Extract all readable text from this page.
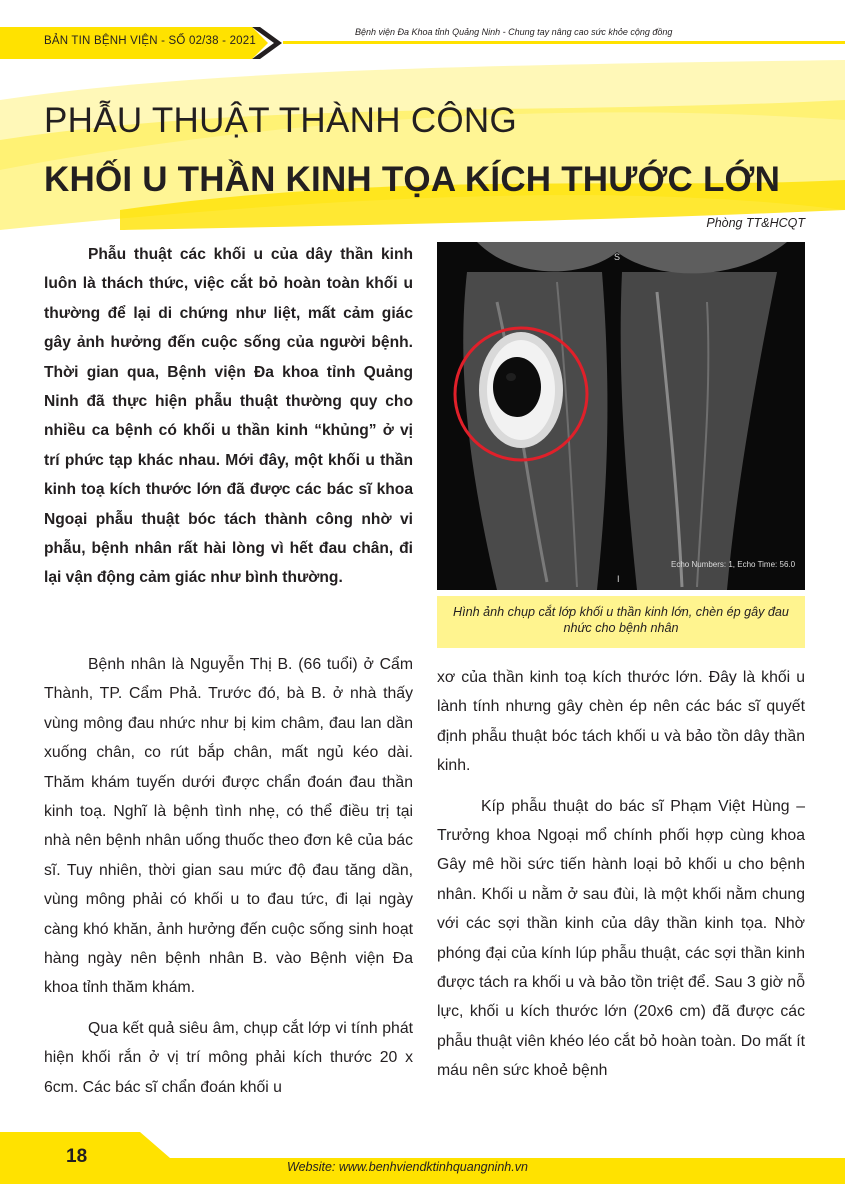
BẢN TIN BỆNH VIỆN - SỐ 02/38 - 2021
Bệnh viện Đa Khoa tỉnh Quảng Ninh - Chung tay nâng cao sức khỏe cộng đồng
PHẪU THUẬT THÀNH CÔNG
KHỐI U THẦN KINH TỌA KÍCH THƯỚC LỚN
Phòng TT&HCQT

Phẫu thuật các khối u của dây thần kinh luôn là thách thức, việc cắt bỏ hoàn toàn khối u thường để lại di chứng như liệt, mất cảm giác gây ảnh hưởng đến cuộc sống của người bệnh. Thời gian qua, Bệnh viện Đa khoa tỉnh Quảng Ninh đã thực hiện phẫu thuật thường quy cho nhiều ca bệnh có khối u thần kinh “khủng” ở vị trí phức tạp khác nhau. Mới đây, một khối u thần kinh toạ kích thước lớn đã được các bác sĩ khoa Ngoại phẫu thuật bóc tách thành công nhờ vi phẫu, bệnh nhân rất hài lòng vì hết đau chân, đi lại vận động cảm giác như bình thường.

S
Echo Numbers: 1, Echo Time: 56.0
I
Hình ảnh chụp cắt lớp khối u thần kinh lớn, chèn ép gây đau nhức cho bệnh nhân

Bệnh nhân là Nguyễn Thị B. (66 tuổi) ở Cẩm Thành, TP. Cẩm Phả. Trước đó, bà B. ở nhà thấy vùng mông đau nhức như bị kim châm, đau lan dần xuống chân, co rút bắp chân, mất ngủ kéo dài. Thăm khám tuyến dưới được chẩn đoán đau thần kinh toạ. Nghĩ là bệnh tình nhẹ, có thể điều trị tại nhà nên bệnh nhân uống thuốc theo đơn kê của bác sĩ. Tuy nhiên, thời gian sau mức độ đau tăng dần, vùng mông phải có khối u to đau tức, đi lại ngày càng khó khăn, ảnh hưởng đến cuộc sống sinh hoạt hàng ngày nên bệnh nhân B. vào Bệnh viện Đa khoa tỉnh thăm khám.

Qua kết quả siêu âm, chụp cắt lớp vi tính phát hiện khối rắn ở vị trí mông phải kích thước 20 x 6cm. Các bác sĩ chẩn đoán khối u

xơ của thần kinh toạ kích thước lớn. Đây là khối u lành tính nhưng gây chèn ép nên các bác sĩ quyết định phẫu thuật bóc tách khối u và bảo tồn dây thần kinh.

Kíp phẫu thuật do bác sĩ Phạm Việt Hùng – Trưởng khoa Ngoại mổ chính phối hợp cùng khoa Gây mê hồi sức tiến hành loại bỏ khối u cho bệnh nhân. Khối u nằm ở sau đùi, là một khối nằm chung với các sợi thần kinh của dây thần kinh tọa. Nhờ phóng đại của kính lúp phẫu thuật, các sợi thần kinh được tách ra khối u và bảo tồn triệt để. Sau 3 giờ nỗ lực, khối u kích thước lớn (20x6 cm) đã được các phẫu thuật viên khéo léo cắt bỏ hoàn toàn. Do mất ít máu nên sức khoẻ bệnh

18	Website: www.benhviendktinhquangninh.vn
